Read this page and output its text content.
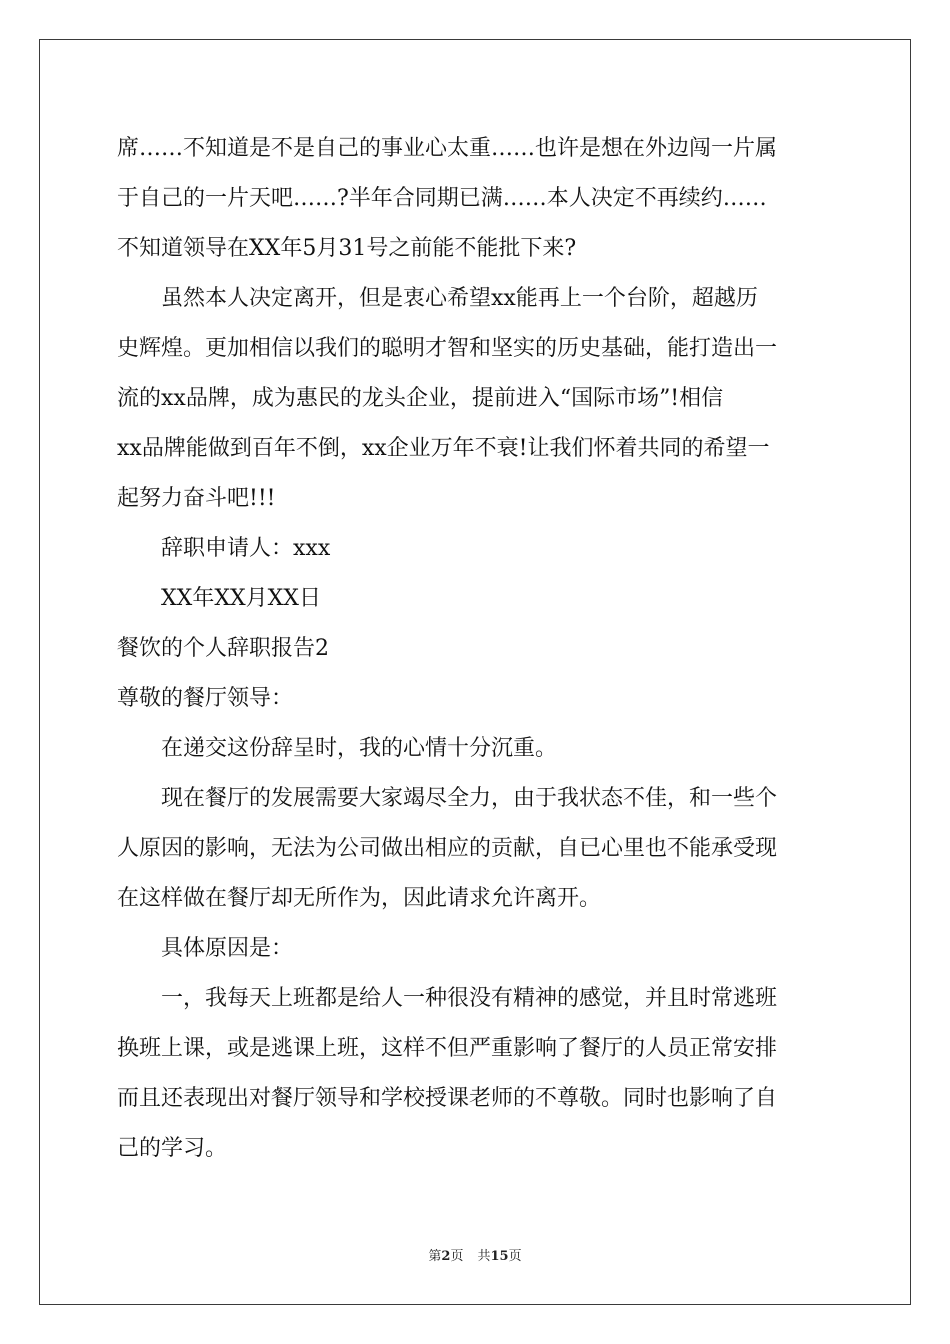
席……不知道是不是自己的事业心太重……也许是想在外边闯一片属

于自己的一片天吧……?半年合同期已满……本人决定不再续约……

不知道领导在XX年5月31号之前能不能批下来?

　　虽然本人决定离开，但是衷心希望xx能再上一个台阶，超越历

史辉煌。更加相信以我们的聪明才智和坚实的历史基础，能打造出一

流的xx品牌，成为惠民的龙头企业，提前进入“国际市场”!相信

xx品牌能做到百年不倒，xx企业万年不衰!让我们怀着共同的希望一

起努力奋斗吧!!!

　　辞职申请人：xxx

　　XX年XX月XX日

餐饮的个人辞职报告2

尊敬的餐厅领导：

　　在递交这份辞呈时，我的心情十分沉重。

　　现在餐厅的发展需要大家竭尽全力，由于我状态不佳，和一些个

人原因的影响，无法为公司做出相应的贡献，自已心里也不能承受现

在这样做在餐厅却无所作为，因此请求允许离开。

　　具体原因是：

　　一，我每天上班都是给人一种很没有精神的感觉，并且时常逃班

换班上课，或是逃课上班，这样不但严重影响了餐厅的人员正常安排

而且还表现出对餐厅领导和学校授课老师的不尊敬。同时也影响了自

己的学习。

第2页 共15页
